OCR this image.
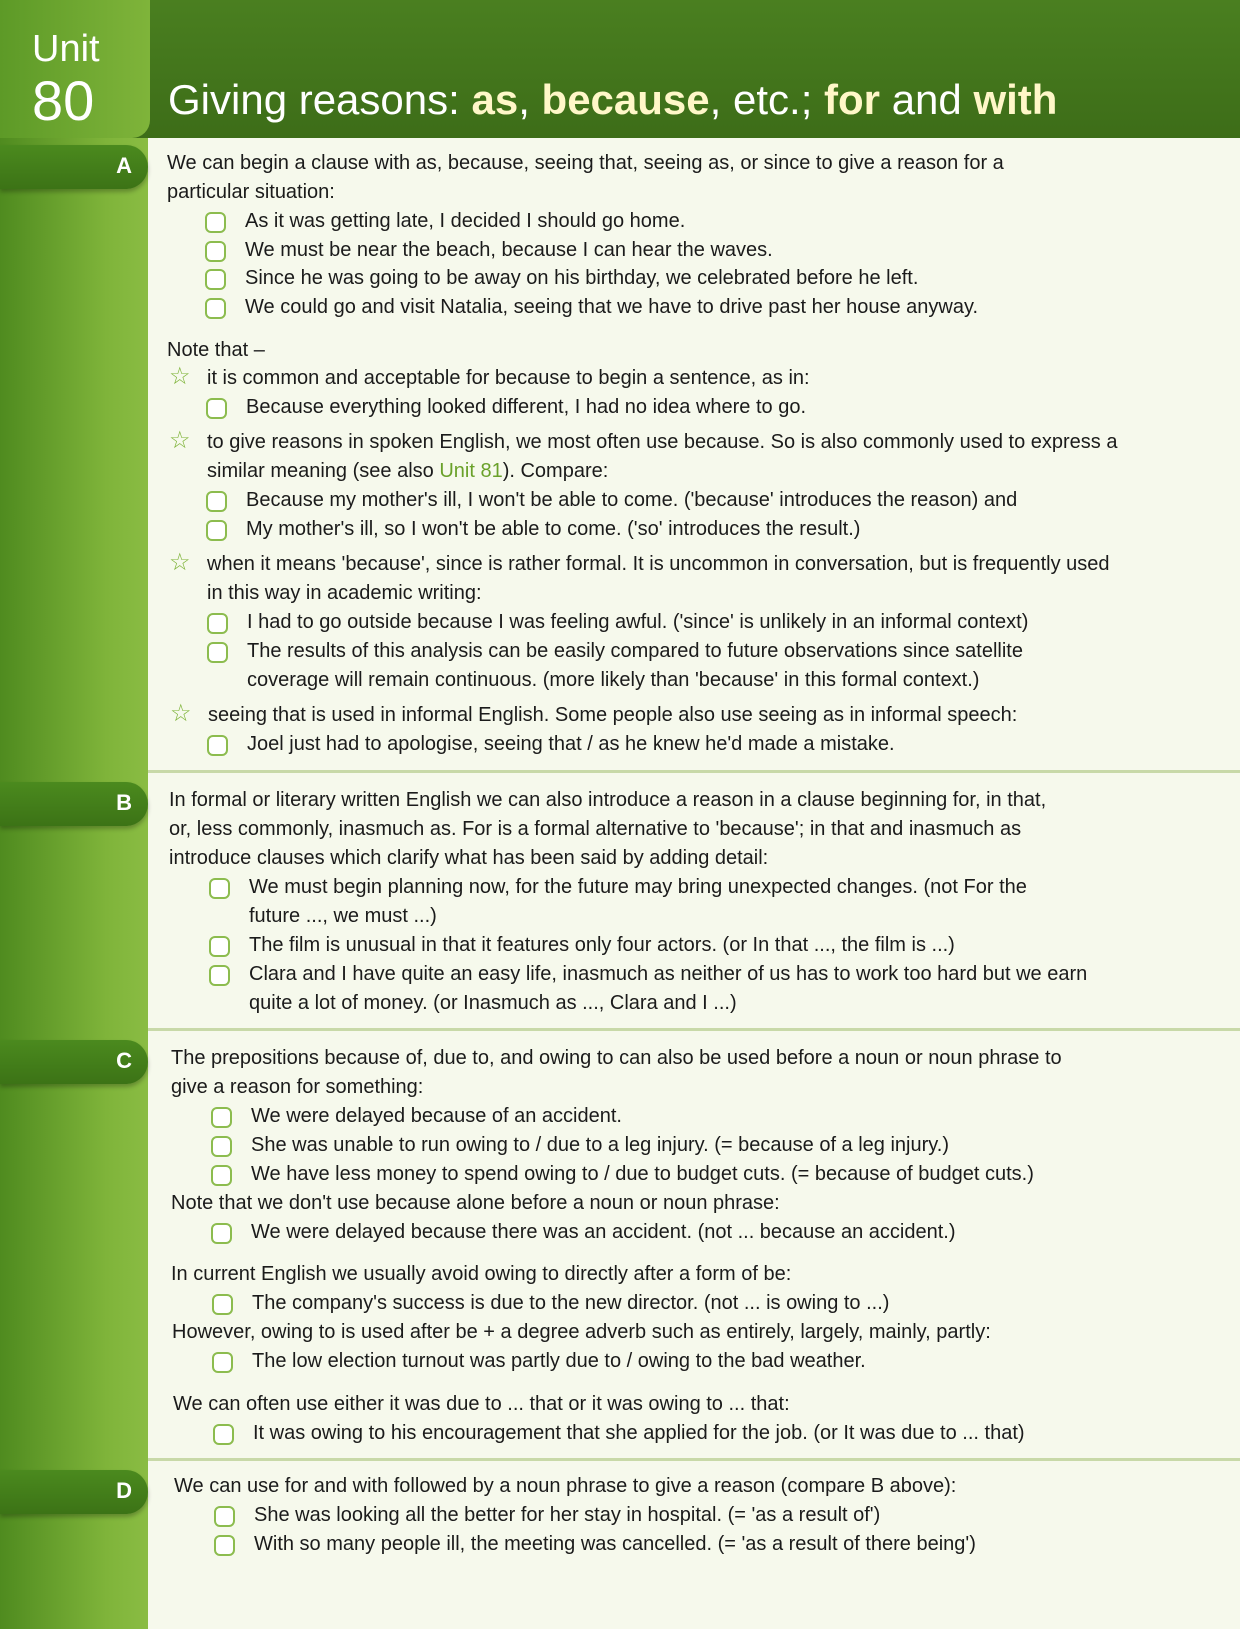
Unit
80 Giving reasons: as, because, etc.; for and with
A
B
C
D
We can begin a clause with as, because, seeing that, seeing as, or since to give a reason for a
particular situation:
As it was getting late, I decided I should go home.
We must be near the beach, because I can hear the waves.
Since he was going to be away on his birthday, we celebrated before he left.
We could go and visit Natalia, seeing that we have to drive past her house anyway.
Note that –
☆ it is common and acceptable for because to begin a sentence, as in:
Because everything looked different, I had no idea where to go.
☆ to give reasons in spoken English, we most often use because. So is also commonly used to express a
similar meaning (see also Unit 81). Compare:
Because my mother's ill, I won't be able to come. ('because' introduces the reason) and
My mother's ill, so I won't be able to come. ('so' introduces the result.)
☆ when it means 'because', since is rather formal. It is uncommon in conversation, but is frequently used
in this way in academic writing:
I had to go outside because I was feeling awful. ('since' is unlikely in an informal context)
The results of this analysis can be easily compared to future observations since satellite
coverage will remain continuous. (more likely than 'because' in this formal context.)
☆ seeing that is used in informal English. Some people also use seeing as in informal speech:
Joel just had to apologise, seeing that / as he knew he'd made a mistake.
In formal or literary written English we can also introduce a reason in a clause beginning for, in that,
or, less commonly, inasmuch as. For is a formal alternative to 'because'; in that and inasmuch as
introduce clauses which clarify what has been said by adding detail:
We must begin planning now, for the future may bring unexpected changes. (not For the
future ..., we must ...)
The film is unusual in that it features only four actors. (or In that ..., the film is ...)
Clara and I have quite an easy life, inasmuch as neither of us has to work too hard but we earn
quite a lot of money. (or Inasmuch as ..., Clara and I ...)
The prepositions because of, due to, and owing to can also be used before a noun or noun phrase to
give a reason for something:
We were delayed because of an accident.
She was unable to run owing to / due to a leg injury. (= because of a leg injury.)
We have less money to spend owing to / due to budget cuts. (= because of budget cuts.)
Note that we don't use because alone before a noun or noun phrase:
We were delayed because there was an accident. (not ... because an accident.)
In current English we usually avoid owing to directly after a form of be:
The company's success is due to the new director. (not ... is owing to ...)
However, owing to is used after be + a degree adverb such as entirely, largely, mainly, partly:
The low election turnout was partly due to / owing to the bad weather.
We can often use either it was due to ... that or it was owing to ... that:
It was owing to his encouragement that she applied for the job. (or It was due to ... that)
We can use for and with followed by a noun phrase to give a reason (compare B above):
She was looking all the better for her stay in hospital. (= 'as a result of')
With so many people ill, the meeting was cancelled. (= 'as a result of there being')
